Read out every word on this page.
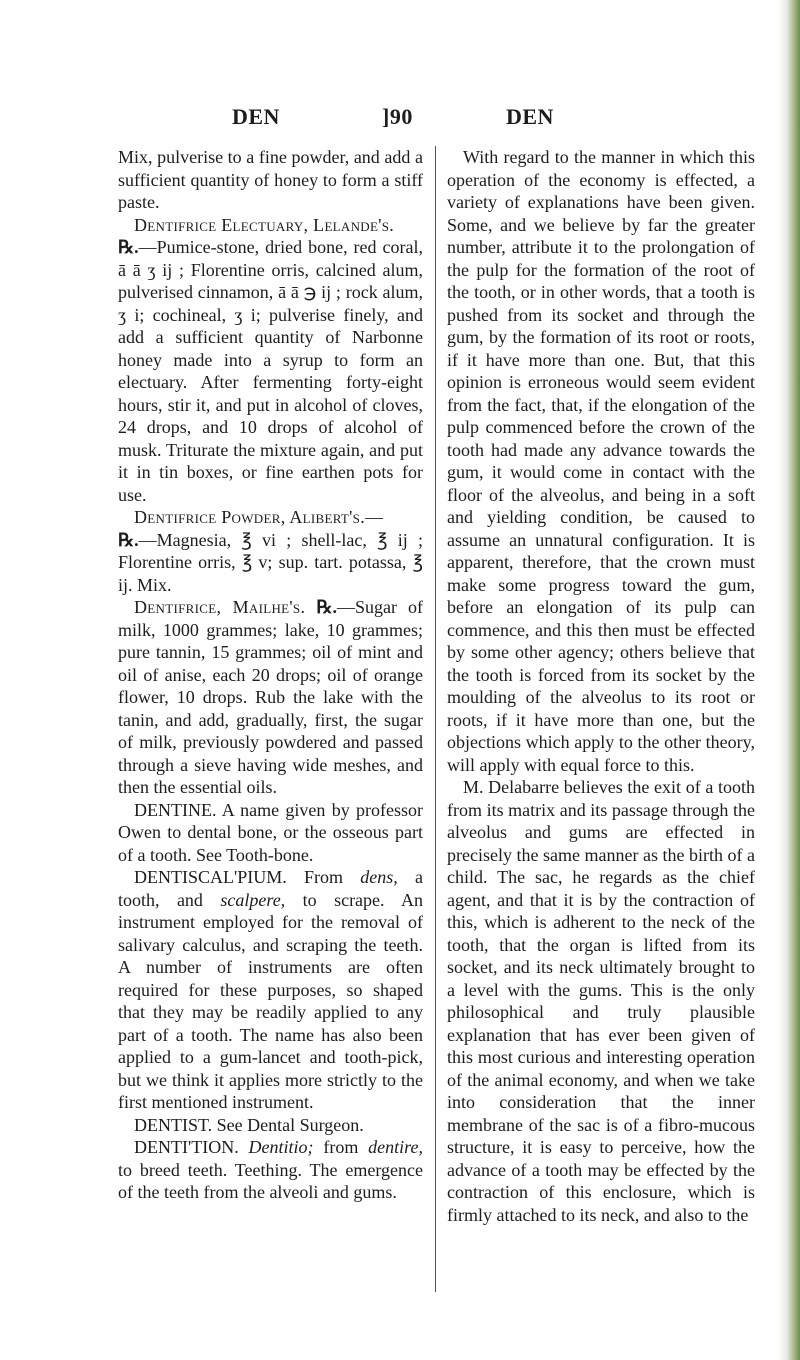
DEN	]90	DEN

Mix, pulverise to a fine powder, and add a sufficient quantity of honey to form a stiff paste.

Dentifrice Electuary, Lelande's.
℞.—Pumice-stone, dried bone, red coral, ā ā ʒ ij ; Florentine orris, calcined alum, pulverised cinnamon, ā ā ℈ ij ; rock alum, ʒ i; cochineal, ʒ i; pulverise finely, and add a sufficient quantity of Narbonne honey made into a syrup to form an electuary. After fermenting forty-eight hours, stir it, and put in alcohol of cloves, 24 drops, and 10 drops of alcohol of musk. Triturate the mixture again, and put it in tin boxes, or fine earthen pots for use.

Dentifrice Powder, Alibert's.—
℞.—Magnesia, ℥ vi ; shell-lac, ℥ ij ; Florentine orris, ℥ v; sup. tart. potassa, ℥ ij. Mix.

Dentifrice, Mailhe's. ℞.—Sugar of milk, 1000 grammes; lake, 10 grammes; pure tannin, 15 grammes; oil of mint and oil of anise, each 20 drops; oil of orange flower, 10 drops. Rub the lake with the tanin, and add, gradually, first, the sugar of milk, previously powdered and passed through a sieve having wide meshes, and then the essential oils.

DENTINE. A name given by professor Owen to dental bone, or the osseous part of a tooth. See Tooth-bone.

DENTISCAL'PIUM. From dens, a tooth, and scalpere, to scrape. An instrument employed for the removal of salivary calculus, and scraping the teeth. A number of instruments are often required for these purposes, so shaped that they may be readily applied to any part of a tooth. The name has also been applied to a gum-lancet and tooth-pick, but we think it applies more strictly to the first mentioned instrument.

DENTIST. See Dental Surgeon.

DENTI'TION. Dentitio; from dentire, to breed teeth. Teething. The emergence of the teeth from the alveoli and gums.

With regard to the manner in which this operation of the economy is effected, a variety of explanations have been given. Some, and we believe by far the greater number, attribute it to the prolongation of the pulp for the formation of the root of the tooth, or in other words, that a tooth is pushed from its socket and through the gum, by the formation of its root or roots, if it have more than one. But, that this opinion is erroneous would seem evident from the fact, that, if the elongation of the pulp commenced before the crown of the tooth had made any advance towards the gum, it would come in contact with the floor of the alveolus, and being in a soft and yielding condition, be caused to assume an unnatural configuration. It is apparent, therefore, that the crown must make some progress toward the gum, before an elongation of its pulp can commence, and this then must be effected by some other agency; others believe that the tooth is forced from its socket by the moulding of the alveolus to its root or roots, if it have more than one, but the objections which apply to the other theory, will apply with equal force to this.

M. Delabarre believes the exit of a tooth from its matrix and its passage through the alveolus and gums are effected in precisely the same manner as the birth of a child. The sac, he regards as the chief agent, and that it is by the contraction of this, which is adherent to the neck of the tooth, that the organ is lifted from its socket, and its neck ultimately brought to a level with the gums. This is the only philosophical and truly plausible explanation that has ever been given of this most curious and interesting operation of the animal economy, and when we take into consideration that the inner membrane of the sac is of a fibro-mucous structure, it is easy to perceive, how the advance of a tooth may be effected by the contraction of this enclosure, which is firmly attached to its neck, and also to the
